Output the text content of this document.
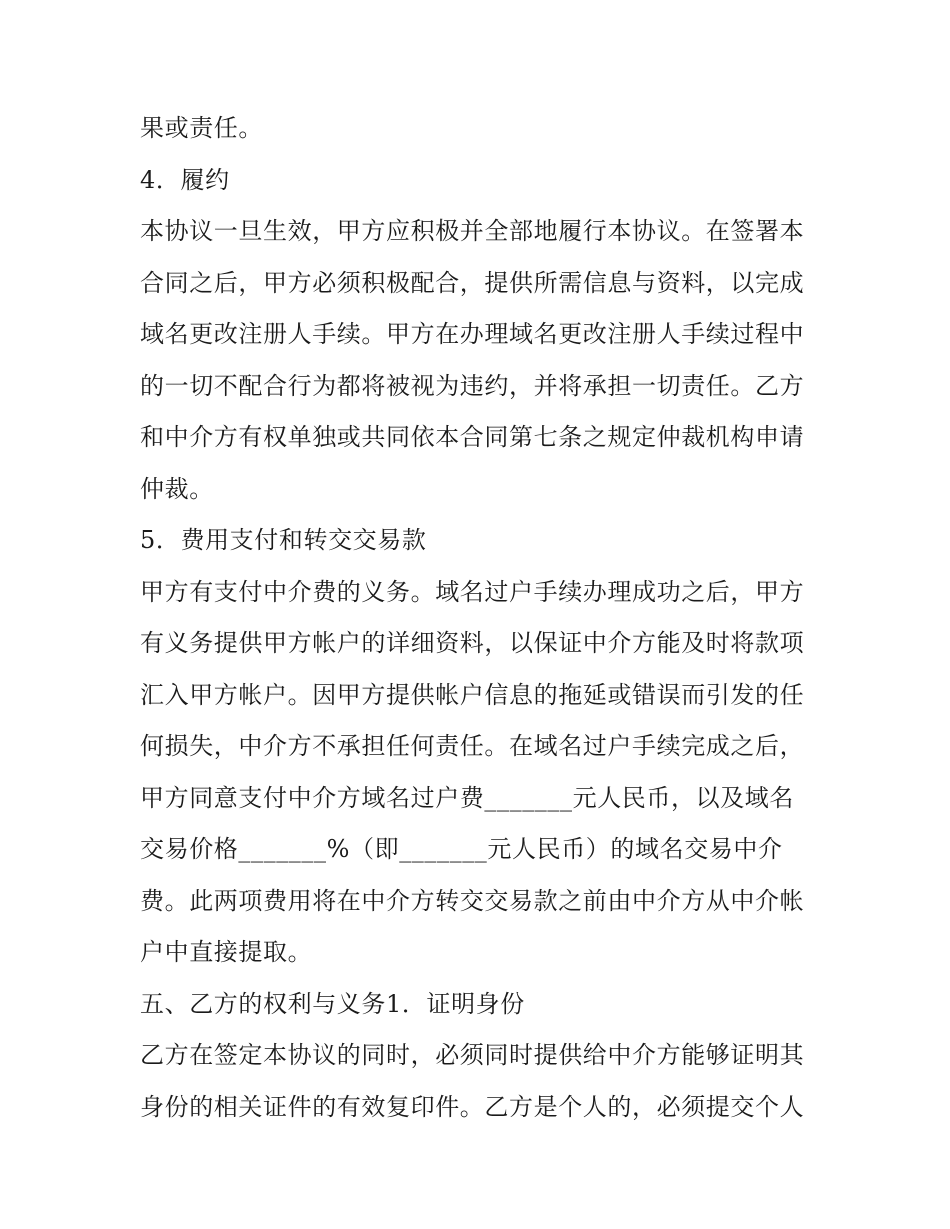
果或责任。
4．履约
本协议一旦生效，甲方应积极并全部地履行本协议。在签署本
合同之后，甲方必须积极配合，提供所需信息与资料，以完成
域名更改注册人手续。甲方在办理域名更改注册人手续过程中
的一切不配合行为都将被视为违约，并将承担一切责任。乙方
和中介方有权单独或共同依本合同第七条之规定仲裁机构申请
仲裁。
5．费用支付和转交交易款
甲方有支付中介费的义务。域名过户手续办理成功之后，甲方
有义务提供甲方帐户的详细资料，以保证中介方能及时将款项
汇入甲方帐户。因甲方提供帐户信息的拖延或错误而引发的任
何损失，中介方不承担任何责任。在域名过户手续完成之后，
甲方同意支付中介方域名过户费_______元人民币，以及域名
交易价格_______%（即_______元人民币）的域名交易中介
费。此两项费用将在中介方转交交易款之前由中介方从中介帐
户中直接提取。
五、乙方的权利与义务1．证明身份
乙方在签定本协议的同时，必须同时提供给中介方能够证明其
身份的相关证件的有效复印件。乙方是个人的，必须提交个人
